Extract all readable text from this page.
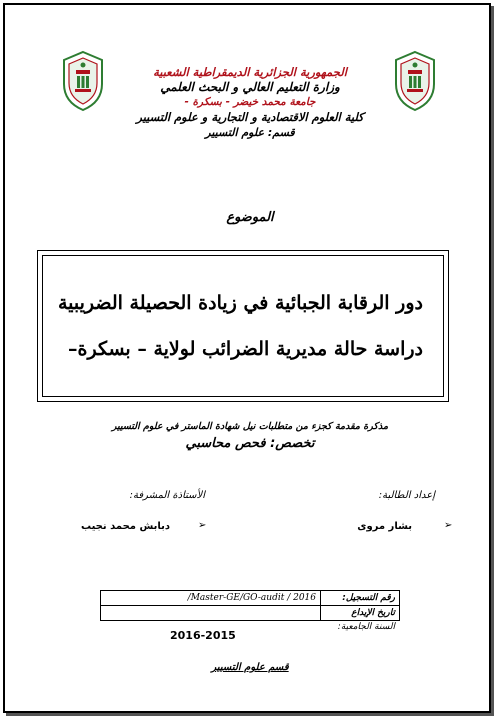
الجمهورية الجزائرية الديمقراطية الشعبية
وزارة التعليم العالي و البحث العلمي
جامعة محمد خيضر - بسكرة -
كلية العلوم الاقتصادية و التجارية و علوم التسيير
قسم: علوم التسيير
الموضوع
دور الرقابة الجبائية في زيادة الحصيلة الضريبية
دراسة حالة مديرية الضرائب لولاية – بسكرة–
مذكرة مقدمة كجزء من متطلبات نيل شهادة الماستر في علوم التسيير
تخصص: فحص محاسبي
إعداد الطالبة:
الأستاذة المشرفة:
➢
بشار مروى
➢
دبابش محمد نجيب
/Master-GE/GO-audit / 2016	رقم التسجيل:
	تاريخ الإيداع
السنة الجامعية:
2016-2015
قسم علوم التسيير
